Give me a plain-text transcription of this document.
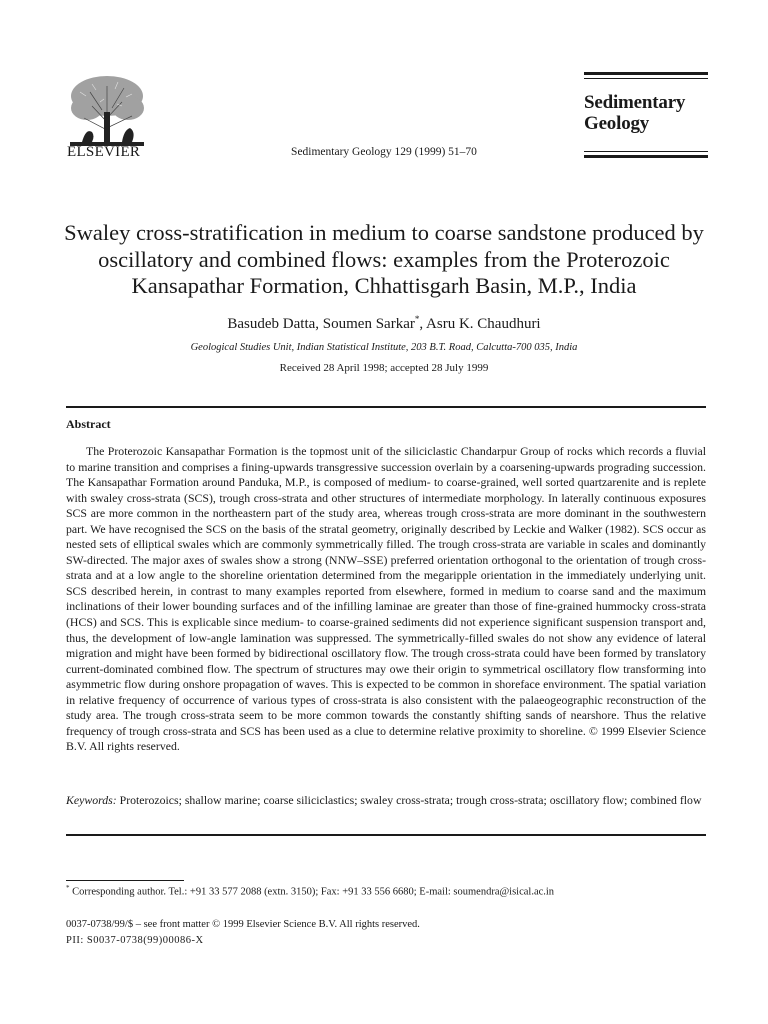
ELSEVIER	Sedimentary Geology 129 (1999) 51–70
Sedimentary
Geology
Swaley cross-stratification in medium to coarse sandstone produced by oscillatory and combined flows: examples from the Proterozoic Kansapathar Formation, Chhattisgarh Basin, M.P., India
Basudeb Datta, Soumen Sarkar*, Asru K. Chaudhuri
Geological Studies Unit, Indian Statistical Institute, 203 B.T. Road, Calcutta-700 035, India
Received 28 April 1998; accepted 28 July 1999
Abstract

The Proterozoic Kansapathar Formation is the topmost unit of the siliciclastic Chandarpur Group of rocks which records a fluvial to marine transition and comprises a fining-upwards transgressive succession overlain by a coarsening-upwards prograding succession. The Kansapathar Formation around Panduka, M.P., is composed of medium- to coarse-grained, well sorted quartzarenite and is replete with swaley cross-strata (SCS), trough cross-strata and other structures of intermediate morphology. In laterally continuous exposures SCS are more common in the northeastern part of the study area, whereas trough cross-strata are more dominant in the southwestern part. We have recognised the SCS on the basis of the stratal geometry, originally described by Leckie and Walker (1982). SCS occur as nested sets of elliptical swales which are commonly symmetrically filled. The trough cross-strata are variable in scales and dominantly SW-directed. The major axes of swales show a strong (NNW–SSE) preferred orientation orthogonal to the orientation of trough cross-strata and at a low angle to the shoreline orientation determined from the megaripple orientation in the immediately underlying unit. SCS described herein, in contrast to many examples reported from elsewhere, formed in medium to coarse sand and the maximum inclinations of their lower bounding surfaces and of the infilling laminae are greater than those of fine-grained hummocky cross-strata (HCS) and SCS. This is explicable since medium- to coarse-grained sediments did not experience significant suspension transport and, thus, the development of low-angle lamination was suppressed. The symmetrically-filled swales do not show any evidence of lateral migration and might have been formed by bidirectional oscillatory flow. The trough cross-strata could have been formed by translatory current-dominated combined flow. The spectrum of structures may owe their origin to symmetrical oscillatory flow transforming into asymmetric flow during onshore propagation of waves. This is expected to be common in shoreface environment. The spatial variation in relative frequency of occurrence of various types of cross-strata is also consistent with the palaeogeographic reconstruction of the study area. The trough cross-strata seem to be more common towards the constantly shifting sands of nearshore. Thus the relative frequency of trough cross-strata and SCS has been used as a clue to determine relative proximity to shoreline. © 1999 Elsevier Science B.V. All rights reserved.

Keywords: Proterozoics; shallow marine; coarse siliciclastics; swaley cross-strata; trough cross-strata; oscillatory flow; combined flow
* Corresponding author. Tel.: +91 33 577 2088 (extn. 3150); Fax: +91 33 556 6680; E-mail: soumendra@isical.ac.in
0037-0738/99/$ – see front matter © 1999 Elsevier Science B.V. All rights reserved.
PII: S0037-0738(99)00086-X
